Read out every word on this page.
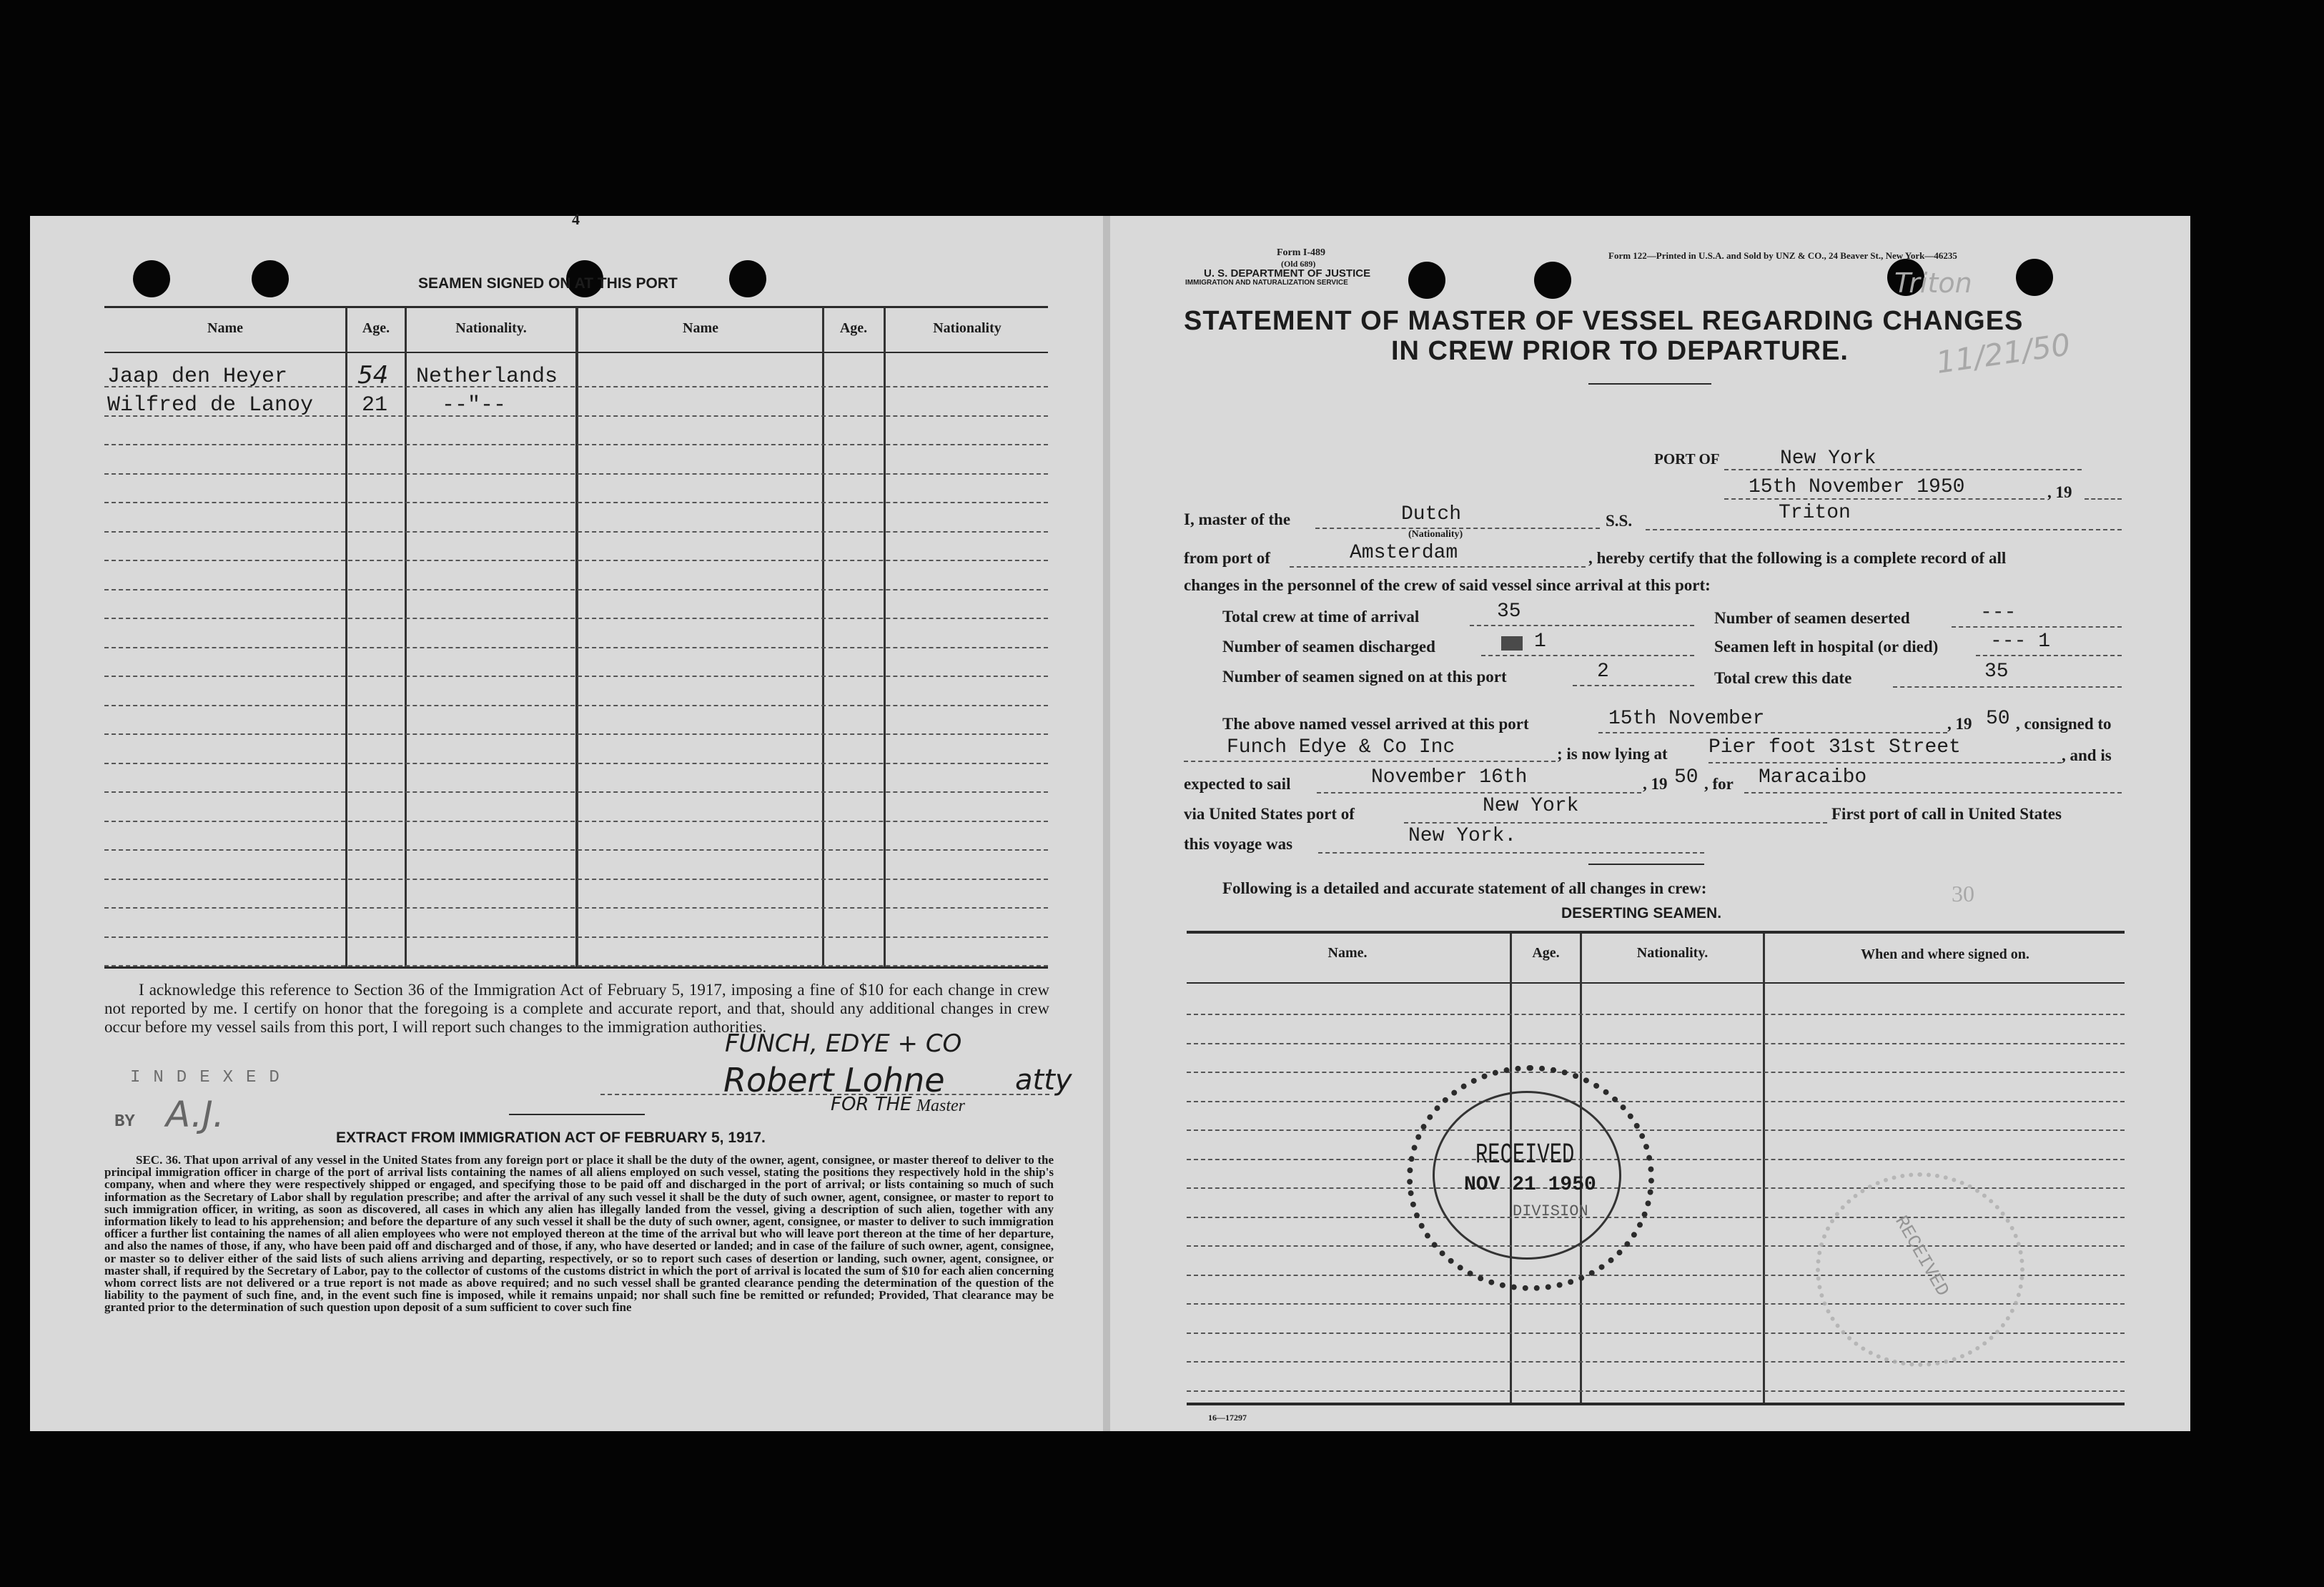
4
SEAMEN SIGNED ON AT THIS PORT
Name	Age.	Nationality.	Name	Age.	Nationality
Jaap den Heyer	54 Netherlands
Wilfred de Lanoy 21	--"--
I acknowledge this reference to Section 36 of the Immigration Act of February 5, 1917, imposing a fine of $10 for each change in crew not reported by me. I certify on honor that the foregoing is a complete and accurate report, and that, should any additional changes in crew occur before my vessel sails from this port, I will report such changes to the immigration authorities.
INDEXED
BY A.J.
FUNCH, EDYE + CO
Robert Lohne atty
FOR THE Master
EXTRACT FROM IMMIGRATION ACT OF FEBRUARY 5, 1917.
SEC. 36. That upon arrival of any vessel in the United States from any foreign port or place it shall be the duty of the owner, agent, consignee, or master thereof to deliver to the principal immigration officer in charge of the port of arrival lists containing the names of all aliens employed on such vessel, stating the positions they respectively hold in the ship's company, when and where they were respectively shipped or engaged, and specifying those to be paid off and discharged in the port of arrival; or lists containing so much of such information as the Secretary of Labor shall by regulation prescribe; and after the arrival of any such vessel it shall be the duty of such owner, agent, consignee, or master to report to such immigration officer, in writing, as soon as discovered, all cases in which any alien has illegally landed from the vessel, giving a description of such alien, together with any information likely to lead to his apprehension; and before the departure of any such vessel it shall be the duty of such owner, agent, consignee, or master to deliver to such immigration officer a further list containing the names of all alien employees who were not employed thereon at the time of the arrival but who will leave port thereon at the time of her departure, and also the names of those, if any, who have been paid off and discharged and of those, if any, who have deserted or landed; and in case of the failure of such owner, agent, consignee, or master so to deliver either of the said lists of such aliens arriving and departing, respectively, or so to report such cases of desertion or landing, such owner, agent, consignee, or master shall, if required by the Secretary of Labor, pay to the collector of customs of the customs district in which the port of arrival is located the sum of $10 for each alien concerning whom correct lists are not delivered or a true report is not made as above required; and no such vessel shall be granted clearance pending the determination of the question of the liability to the payment of such fine, and, in the event such fine is imposed, while it remains unpaid; nor shall such fine be remitted or refunded; Provided, That clearance may be granted prior to the determination of such question upon deposit of a sum sufficient to cover such fine
Form I-489
(Old 689)
U. S. DEPARTMENT OF JUSTICE
IMMIGRATION AND NATURALIZATION SERVICE
Form 122—Printed in U.S.A. and Sold by UNZ & CO., 24 Beaver St., New York—46235
Triton
11/21/50
STATEMENT OF MASTER OF VESSEL REGARDING CHANGES
IN CREW PRIOR TO DEPARTURE.
PORT OF	New York
15th November 1950	, 19
I, master of the	Dutch
(Nationality)
S.S.	Triton
from port of	Amsterdam	, hereby certify that the following is a complete record of all
changes in the personnel of the crew of said vessel since arrival at this port:
Total crew at time of arrival	35	Number of seamen deserted	---
Number of seamen discharged	1	Seamen left in hospital (or died)	--- 1
Number of seamen signed on at this port	2	Total crew this date	35
The above named vessel arrived at this port	15th November	, 19 50 , consigned to
Funch Edye & Co Inc	; is now lying at Pier foot 31st Street	, and is
expected to sail	November 16th	, 19 50 , for Maracaibo
via United States port of	New York	First port of call in United States
this voyage was	New York.
Following is a detailed and accurate statement of all changes in crew:	30
DESERTING SEAMEN.
Name.	Age.	Nationality.	When and where signed on.
RECEIVED
NOV 21 1950
DIVISION
RECEIVED
16—17297
